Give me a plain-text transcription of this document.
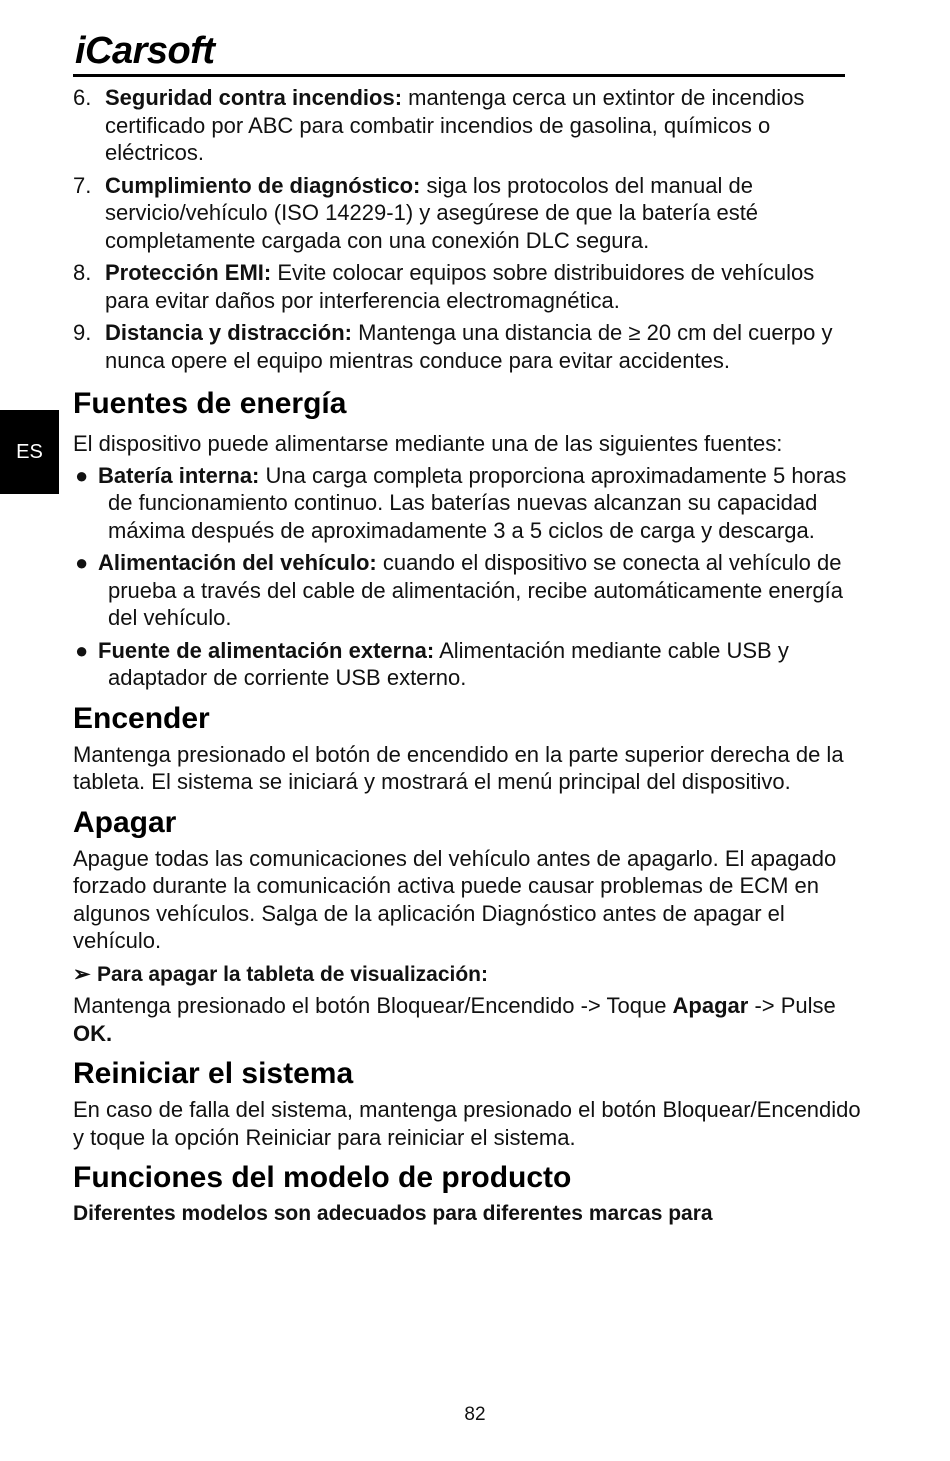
iCarsoft
ES
6. Seguridad contra incendios: mantenga cerca un extintor de incendios certificado por ABC para combatir incendios de gasolina, químicos o eléctricos.
7. Cumplimiento de diagnóstico: siga los protocolos del manual de servicio/vehículo (ISO 14229-1) y asegúrese de que la batería esté completamente cargada con una conexión DLC segura.
8. Protección EMI: Evite colocar equipos sobre distribuidores de vehículos para evitar daños por interferencia electromagnética.
9. Distancia y distracción: Mantenga una distancia de ≥ 20 cm del cuerpo y nunca opere el equipo mientras conduce para evitar accidentes.
Fuentes de energía

El dispositivo puede alimentarse mediante una de las siguientes fuentes:

● Batería interna: Una carga completa proporciona aproximadamente 5 horas de funcionamiento continuo. Las baterías nuevas alcanzan su capacidad máxima después de aproximadamente 3 a 5 ciclos de carga y descarga.
● Alimentación del vehículo: cuando el dispositivo se conecta al vehículo de prueba a través del cable de alimentación, recibe automáticamente energía del vehículo.
● Fuente de alimentación externa: Alimentación mediante cable USB y adaptador de corriente USB externo.
Encender

Mantenga presionado el botón de encendido en la parte superior derecha de la tableta. El sistema se iniciará y mostrará el menú principal del dispositivo.

Apagar

Apague todas las comunicaciones del vehículo antes de apagarlo. El apagado forzado durante la comunicación activa puede causar problemas de ECM en algunos vehículos. Salga de la aplicación Diagnóstico antes de apagar el vehículo.

➢ Para apagar la tableta de visualización:

Mantenga presionado el botón Bloquear/Encendido -> Toque Apagar -> Pulse OK.

Reiniciar el sistema

En caso de falla del sistema, mantenga presionado el botón Bloquear/Encendido y toque la opción Reiniciar para reiniciar el sistema.

Funciones del modelo de producto

Diferentes modelos son adecuados para diferentes marcas para

82
